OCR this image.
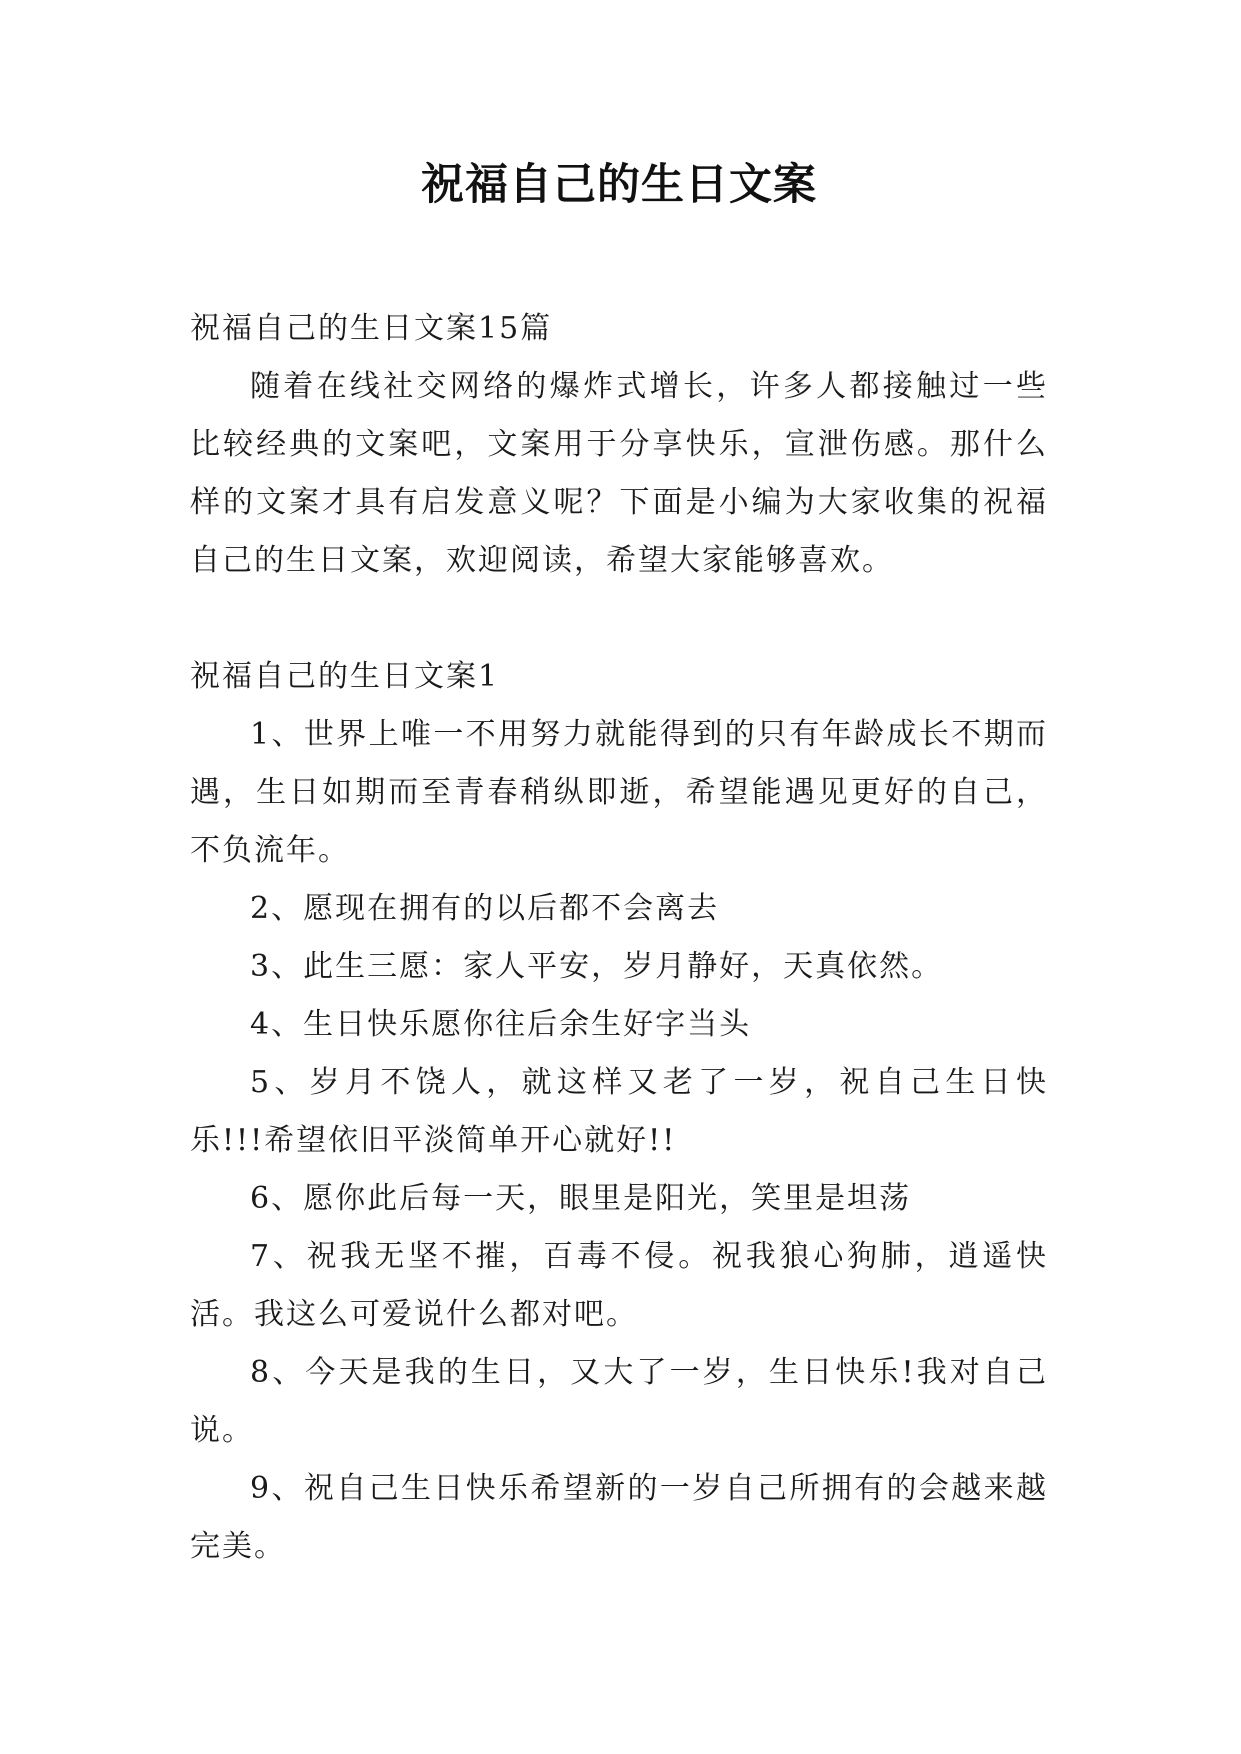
祝福自己的生日文案

祝福自己的生日文案15篇

随着在线社交网络的爆炸式增长，许多人都接触过一些比较经典的文案吧，文案用于分享快乐，宣泄伤感。那什么样的文案才具有启发意义呢？下面是小编为大家收集的祝福自己的生日文案，欢迎阅读，希望大家能够喜欢。

祝福自己的生日文案1

1、世界上唯一不用努力就能得到的只有年龄成长不期而遇，生日如期而至青春稍纵即逝，希望能遇见更好的自己，不负流年。
2、愿现在拥有的以后都不会离去
3、此生三愿：家人平安，岁月静好，天真依然。
4、生日快乐愿你往后余生好字当头
5、岁月不饶人，就这样又老了一岁，祝自己生日快乐!!!希望依旧平淡简单开心就好!!
6、愿你此后每一天，眼里是阳光，笑里是坦荡
7、祝我无坚不摧，百毒不侵。祝我狼心狗肺，逍遥快活。我这么可爱说什么都对吧。
8、今天是我的生日，又大了一岁，生日快乐!我对自己说。
9、祝自己生日快乐希望新的一岁自己所拥有的会越来越完美。
